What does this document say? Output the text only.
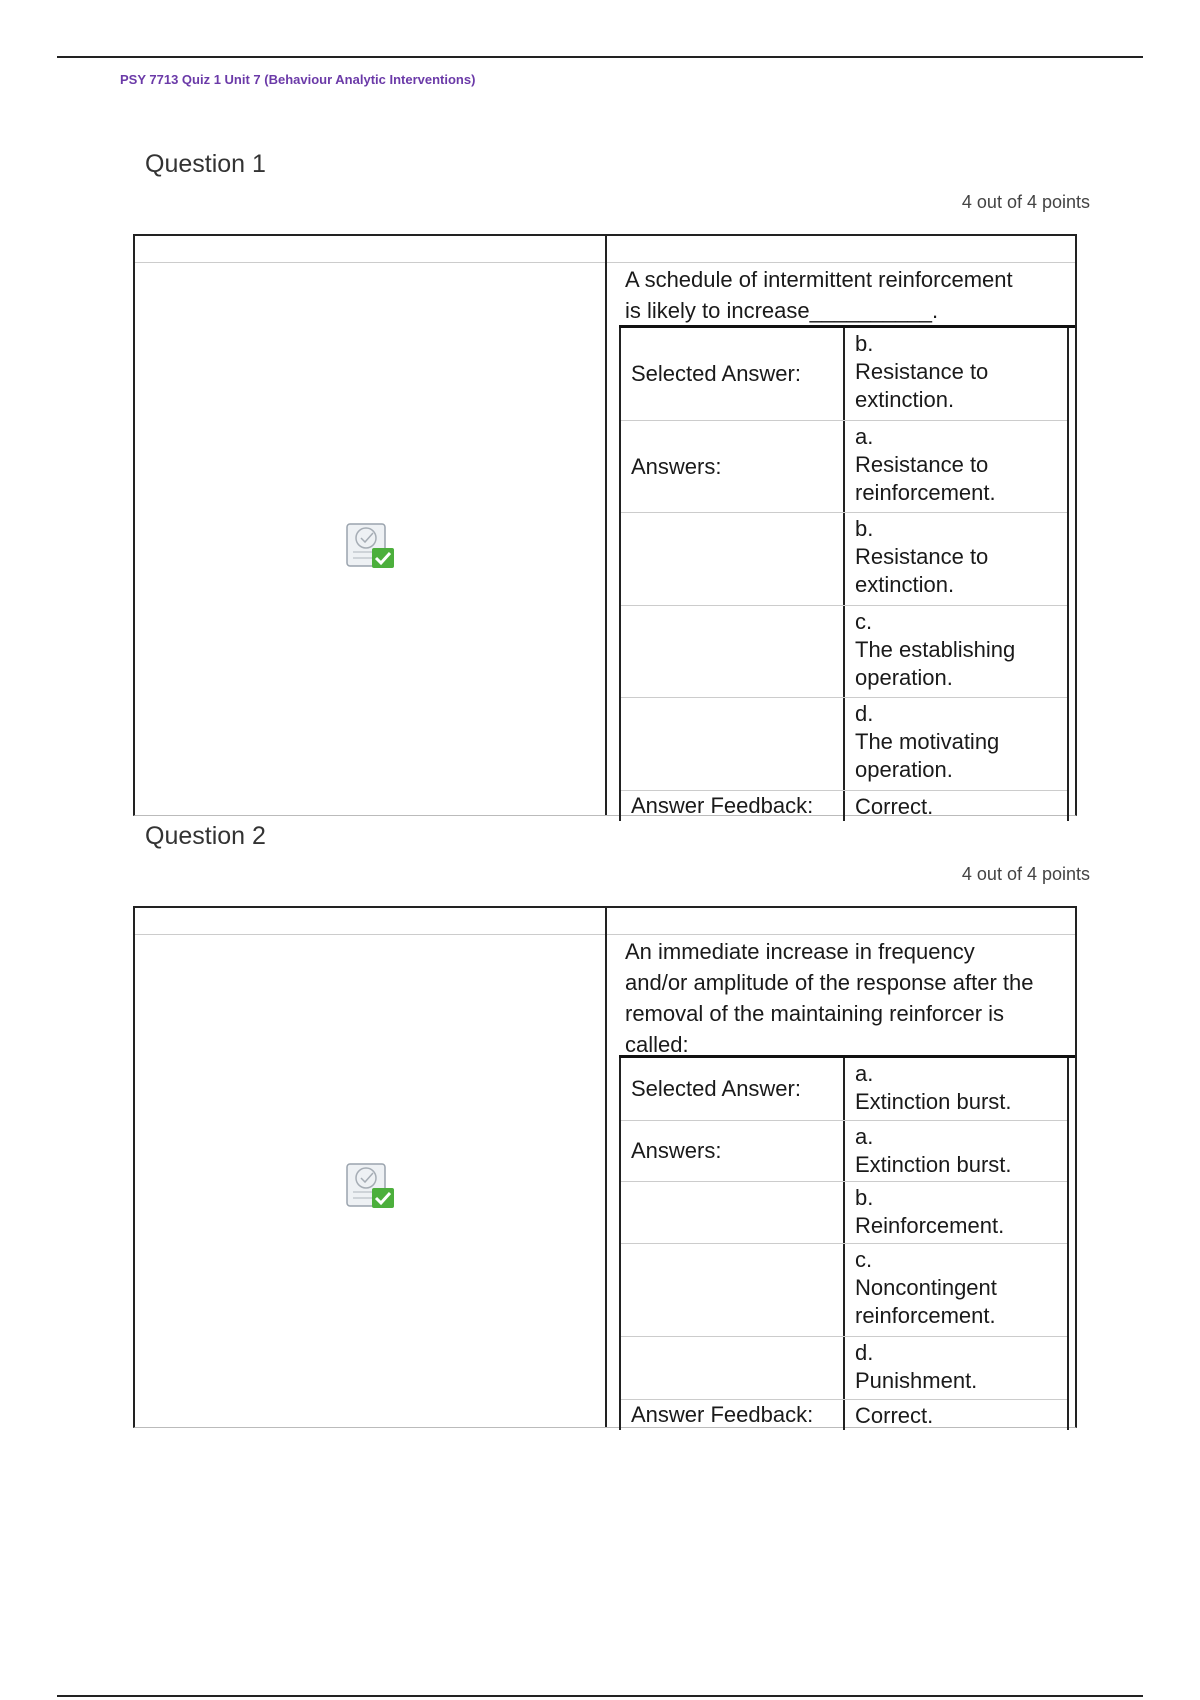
PSY 7713 Quiz 1 Unit 7 (Behaviour Analytic Interventions)
Question 1
4 out of 4 points
A schedule of intermittent reinforcement
is likely to increase__________.
Selected Answer:
b.
Resistance to extinction.
Answers:
a.
Resistance to reinforcement.
b.
Resistance to extinction.
c.
The establishing operation.
d.
The motivating operation.
Answer Feedback:	Correct.
Question 2
4 out of 4 points
An immediate increase in frequency
and/or amplitude of the response after the
removal of the maintaining reinforcer is
called:
Selected Answer:
a.
Extinction burst.
Answers:
a.
Extinction burst.
b.
Reinforcement.
c.
Noncontingent reinforcement.
d.
Punishment.
Answer Feedback:	Correct.
